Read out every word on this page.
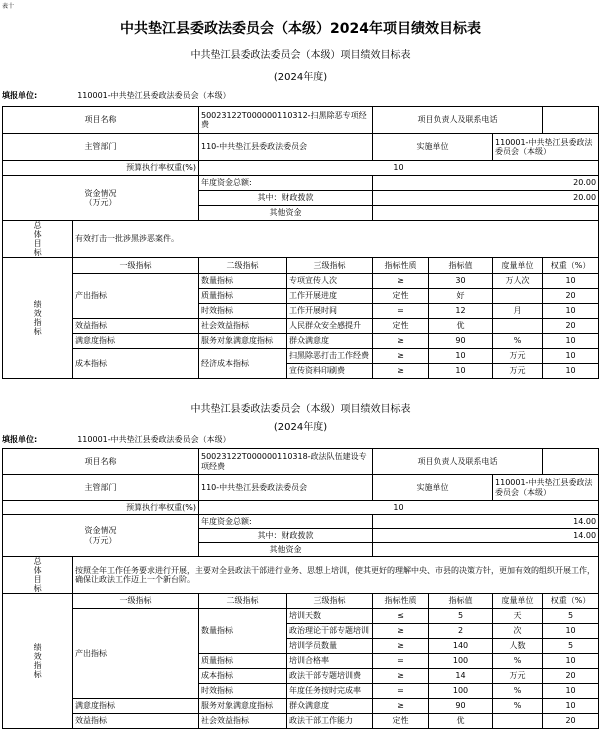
表十
中共垫江县委政法委员会（本级）2024年项目绩效目标表
中共垫江县委政法委员会（本级）项目绩效目标表
(2024年度)
填报单位:	110001-中共垫江县委政法委员会（本级）
项目名称		50023122T000000110312-扫黑除恶专项经费		项目负责人及联系电话			
主管部门		110-中共垫江县委政法委员会		实施单位		110001-中共垫江县委政法委员会（本级）	
预算执行率权重(%)		10					
资金情况
（万元）		年度资金总额:		20.00			
		其中：财政拨款		20.00			
		其他资金					
总体目标	有效打击一批涉黑涉恶案件。						
绩效指标	一级指标	二级指标	三级指标	指标性质	指标值	度量单位	权重（%）
	产出指标	数量指标	专项宣传人次	≥	30	万人次	10
		质量指标	工作开展进度	定性	好		20
		时效指标	工作开展时间	=	12	月	10
	效益指标	社会效益指标	人民群众安全感提升	定性	优		20
	满意度指标	服务对象满意度指标	群众满意度	≥	90	%	10
	成本指标	经济成本指标	扫黑除恶打击工作经费	≥	10	万元	10
			宣传资料印刷费	≥	10	万元	10
中共垫江县委政法委员会（本级）项目绩效目标表
(2024年度)
填报单位:	110001-中共垫江县委政法委员会（本级）
项目名称		50023122T000000110318-政法队伍建设专项经费		项目负责人及联系电话			
主管部门		110-中共垫江县委政法委员会		实施单位		110001-中共垫江县委政法委员会（本级）	
预算执行率权重(%)		10					
资金情况
（万元）		年度资金总额:		14.00			
		其中：财政拨款		14.00			
		其他资金					
总体目标	按照全年工作任务要求进行开展，主要对全县政法干部进行业务、思想上培训，使其更好的理解中央、市县的决策方针，更加有效的组织开展工作，确保让政法工作迈上一个新台阶。						
绩效指标	一级指标	二级指标	三级指标	指标性质	指标值	度量单位	权重（%）
	产出指标	数量指标	培训天数	≤	5	天	5
			政治理论干部专题培训	≥	2	次	10
			培训学员数量	≥	140	人数	5
		质量指标	培训合格率	=	100	%	10
		成本指标	政法干部专题培训费	≥	14	万元	20
		时效指标	年度任务按时完成率	=	100	%	10
	满意度指标	服务对象满意度指标	群众满意度	≥	90	%	10
	效益指标	社会效益指标	政法干部工作能力	定性	优		20
